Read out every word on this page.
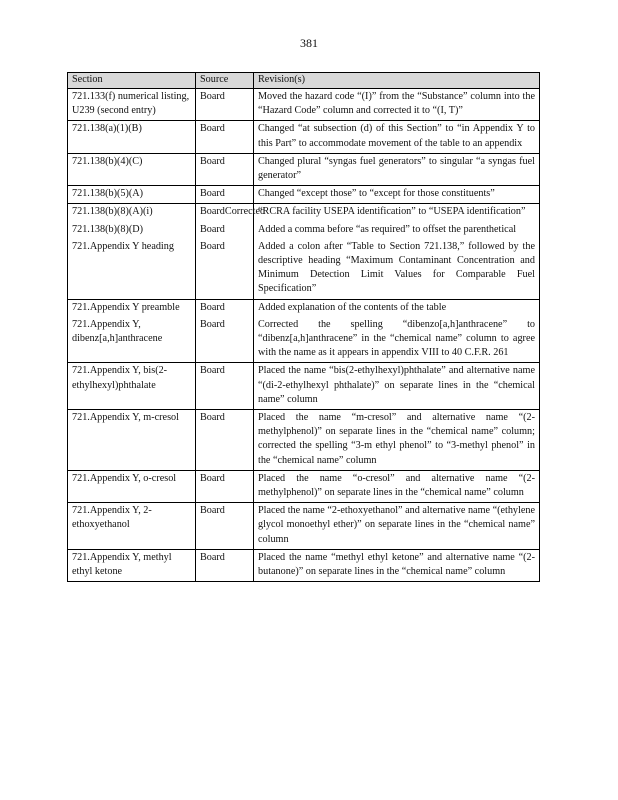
381
Section	Source	Revision(s)
721.133(f) numerical listing, U239 (second entry)	Board	Moved the hazard code “(I)” from the “Substance” column into the “Hazard Code” column and corrected it to “(I, T)”
721.138(a)(1)(B)	Board	Changed “at subsection (d) of this Section” to “in Appendix Y to this Part” to accommodate movement of the table to an appendix
721.138(b)(4)(C)	Board	Changed plural “syngas fuel generators” to singular “a syngas fuel generator”
721.138(b)(5)(A)	Board	Changed “except those” to “except for those constituents”
721.138(b)(8)(A)(i)	BoardCorrected	“RCRA facility USEPA identification” to “USEPA identification”
721.138(b)(8)(D)	Board	Added a comma before “as required” to offset the parenthetical
721.Appendix Y heading	Board	Added a colon after “Table to Section 721.138,” followed by the descriptive heading “Maximum Contaminant Concentration and Minimum Detection Limit Values for Comparable Fuel Specification”
721.Appendix Y preamble	Board	Added explanation of the contents of the table
721.Appendix Y, dibenz[a,h]anthracene	Board	Corrected the spelling “dibenzo[a,h]anthracene” to “dibenz[a,h]anthracene” in the “chemical name” column to agree with the name as it appears in appendix VIII to 40 C.F.R. 261
721.Appendix Y, bis(2-ethylhexyl)phthalate	Board	Placed the name “bis(2-ethylhexyl)phthalate” and alternative name “(di-2-ethylhexyl phthalate)” on separate lines in the “chemical name” column
721.Appendix Y, m-cresol	Board	Placed the name “m-cresol” and alternative name “(2-methylphenol)” on separate lines in the “chemical name” column; corrected the spelling “3-m ethyl phenol” to “3-methyl phenol” in the “chemical name” column
721.Appendix Y, o-cresol	Board	Placed the name “o-cresol” and alternative name “(2-methylphenol)” on separate lines in the “chemical name” column
721.Appendix Y, 2-ethoxyethanol	Board	Placed the name “2-ethoxyethanol” and alternative name “(ethylene glycol monoethyl ether)” on separate lines in the “chemical name” column
721.Appendix Y, methyl ethyl ketone	Board	Placed the name “methyl ethyl ketone” and alternative name “(2-butanone)” on separate lines in the “chemical name” column
